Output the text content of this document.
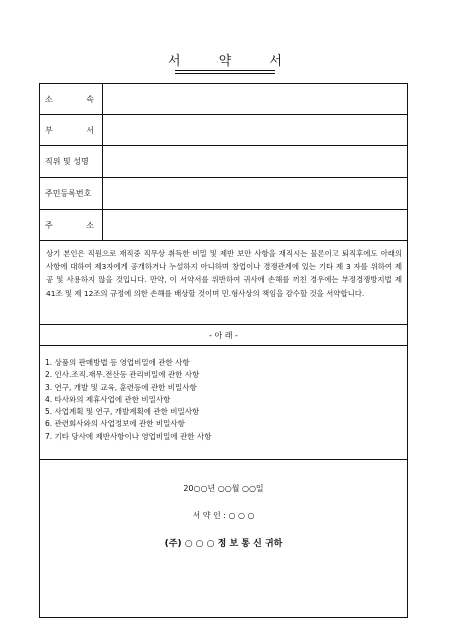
서 약 서
소	속
부	서
직위 및 성명
주민등록번호
주	소
상기 본인은 직원으로 재직중 직무상 취득한 비밀 및 제반 보안 사항을 재직시는 물론이고 퇴직후에도 아래의 사항에 대하여 제3자에게 공개하거나 누설하지 아니하며 창업이나 경쟁관계에 있는 기타 제 3 자를 위하여 제공 및 사용하지 않을 것입니다. 만약, 이 서약서를 위반하여 귀사에 손해를 끼친 경우에는 부정경쟁방지법 제 41조 및 제 12조의 규정에 의한 손해를 배상할 것이며 민.형사상의 책임을 감수할 것을 서약합니다.
- 아 래 -
1. 상품의 판매방법 등 영업비밀에 관한 사항
2. 인사.조직.재무.전산등 관리비밀에 관한 사항
3. 연구, 개발 및 교육, 훈련등에 관한 비밀사항
4. 타사와의 제휴사업에 관한 비밀사항
5. 사업계획 및 연구, 개발계획에 관한 비밀사항
6. 관련회사와의 사업정보에 관한 비밀사항
7. 기타 당사에 제반사항이나 영업비밀에 관한 사항
20○○년 ○○월 ○○일
서 약 인 : ○ ○ ○
(주) ○ ○ ○ 정 보 통 신 귀하
